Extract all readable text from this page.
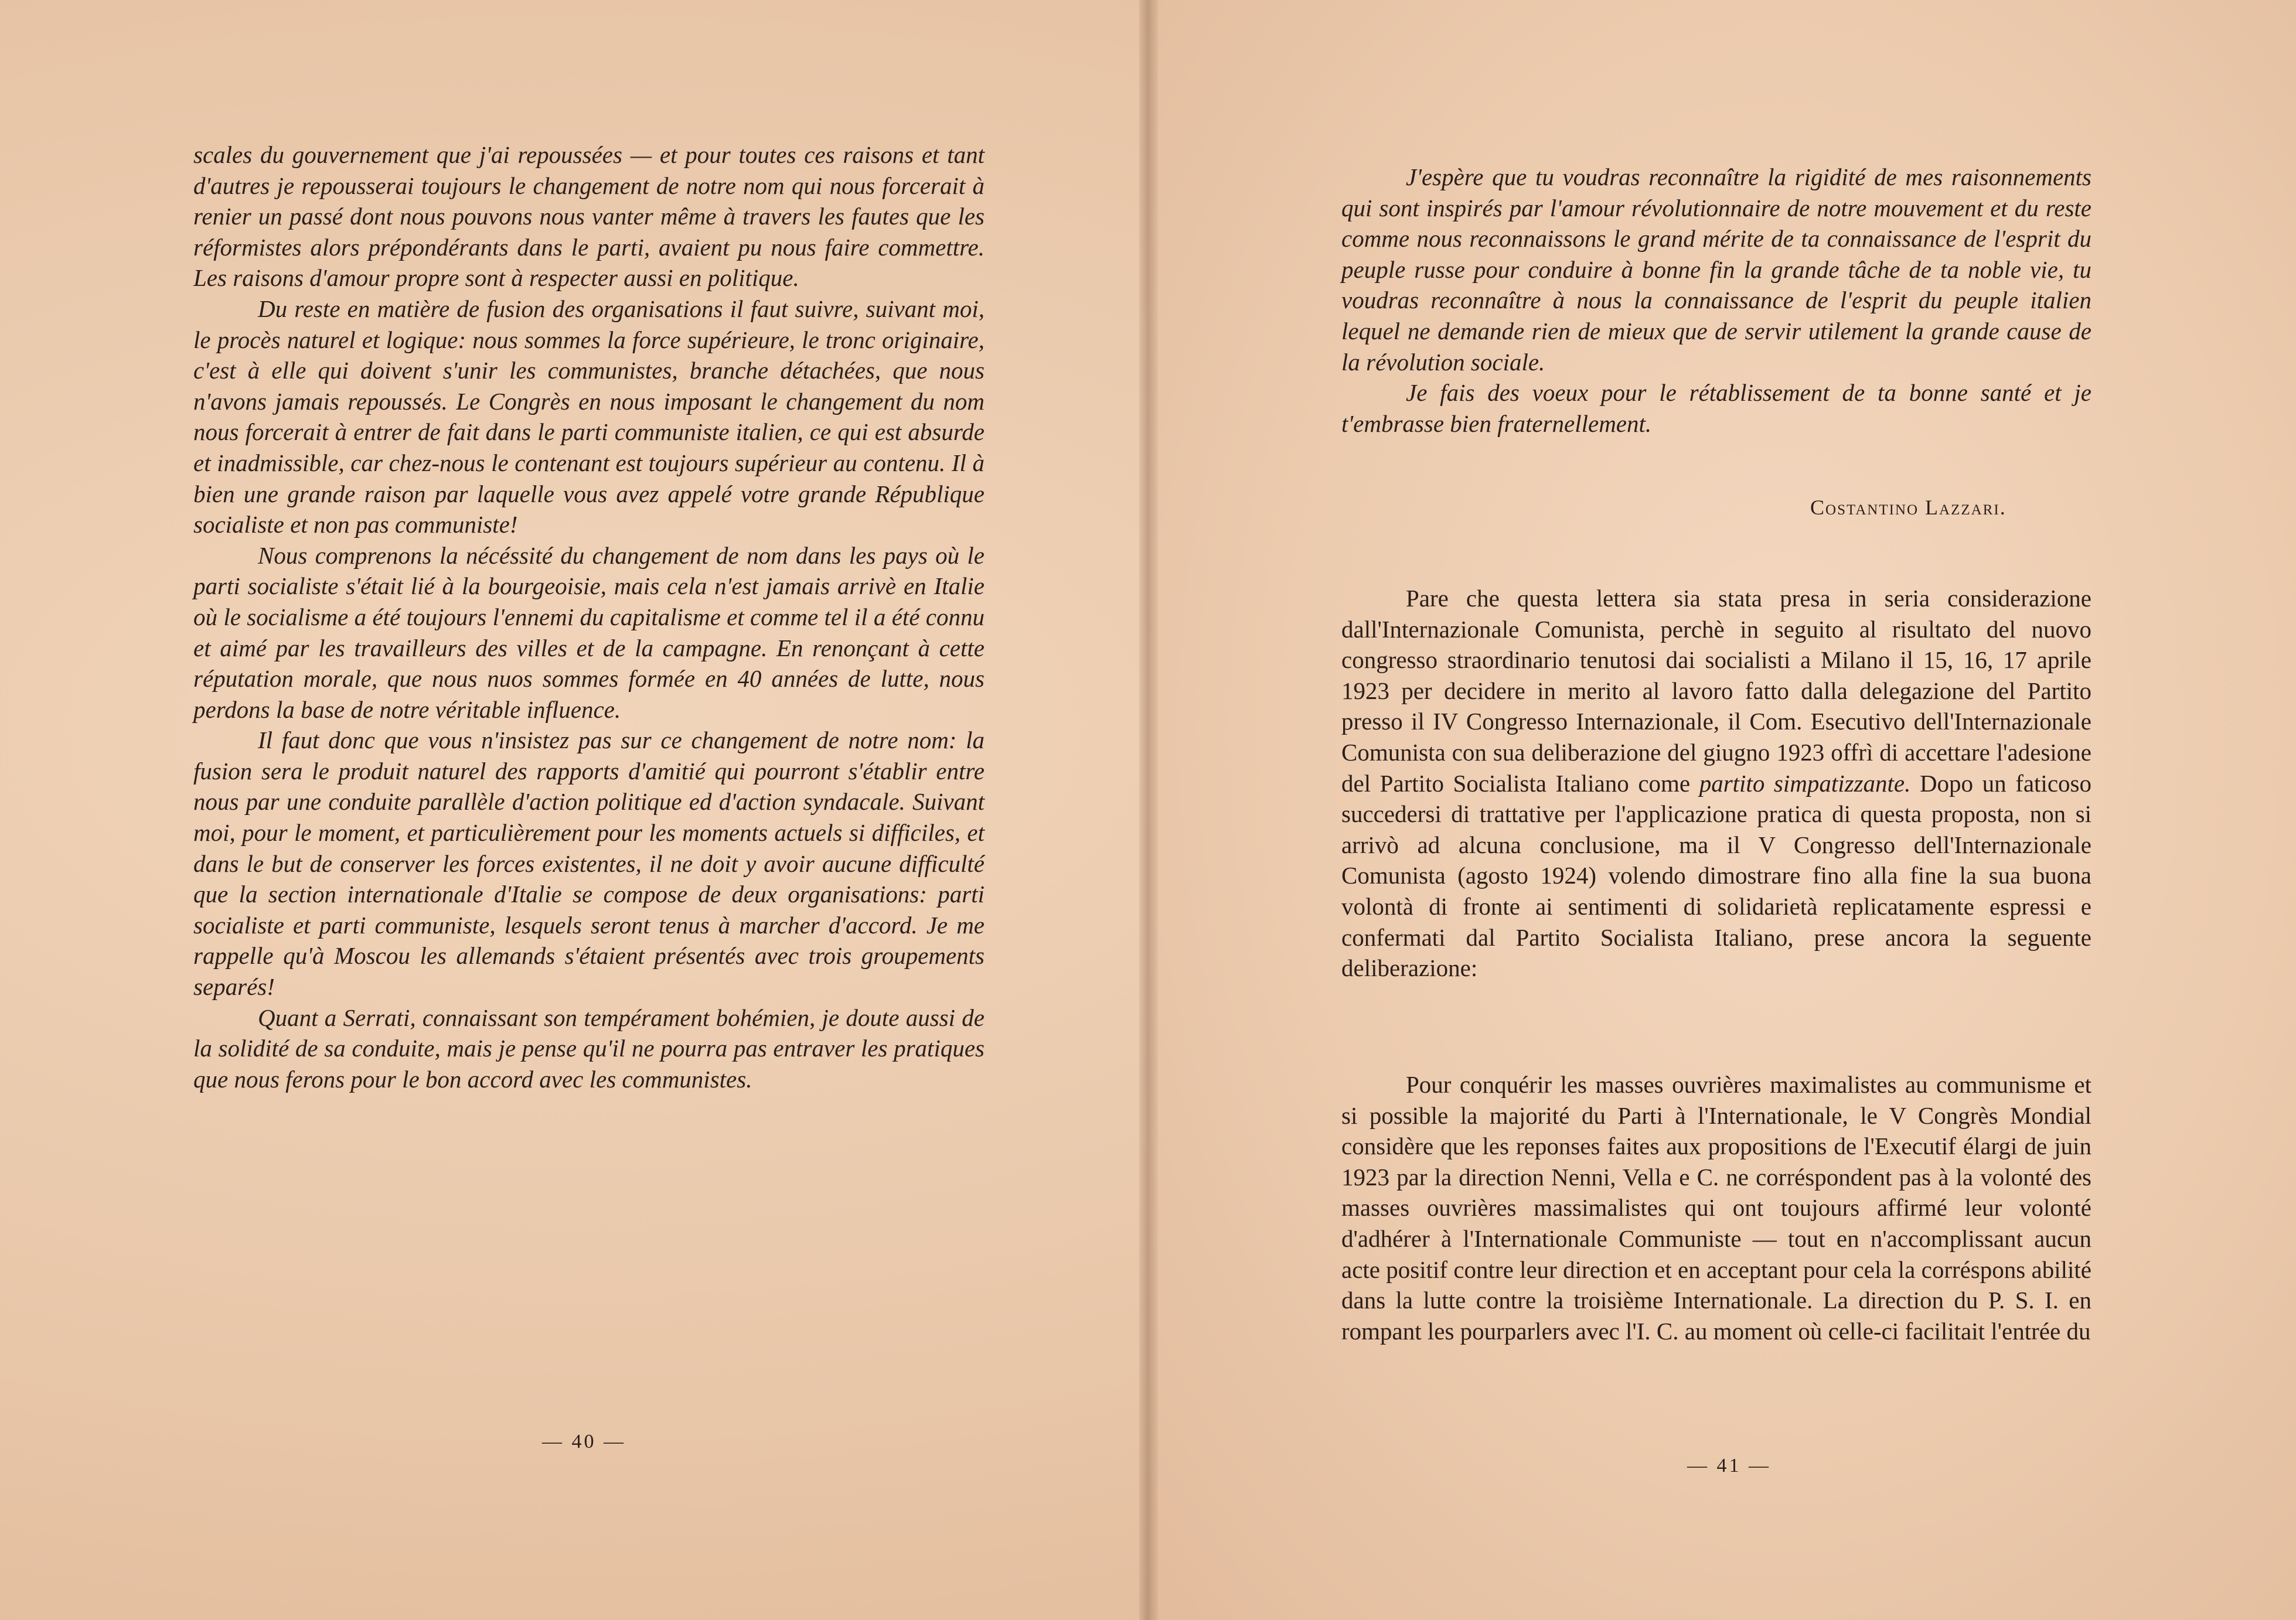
scales du gouvernement que j'ai repoussées — et pour toutes ces raisons et tant d'autres je repousserai toujours le changement de notre nom qui nous forcerait à renier un passé dont nous pouvons nous vanter même à travers les fautes que les réformistes alors prépondérants dans le parti, avaient pu nous faire commettre. Les raisons d'amour propre sont à respecter aussi en politique.

Du reste en matière de fusion des organisations il faut suivre, suivant moi, le procès naturel et logique: nous sommes la force supérieure, le tronc originaire, c'est à elle qui doivent s'unir les communistes, branche détachées, que nous n'avons jamais repoussés. Le Congrès en nous imposant le changement du nom nous forcerait à entrer de fait dans le parti communiste italien, ce qui est absurde et inadmissible, car chez-nous le contenant est toujours supérieur au contenu. Il à bien une grande raison par laquelle vous avez appelé votre grande République socialiste et non pas communiste!

Nous comprenons la nécéssité du changement de nom dans les pays où le parti socialiste s'était lié à la bourgeoisie, mais cela n'est jamais arrivè en Italie où le socialisme a été toujours l'ennemi du capitalisme et comme tel il a été connu et aimé par les travailleurs des villes et de la campagne. En renonçant à cette réputation morale, que nous nuos sommes formée en 40 années de lutte, nous perdons la base de notre véritable influence.

Il faut donc que vous n'insistez pas sur ce changement de notre nom: la fusion sera le produit naturel des rapports d'amitié qui pourront s'établir entre nous par une conduite parallèle d'action politique ed d'action syndacale. Suivant moi, pour le moment, et particulièrement pour les moments actuels si difficiles, et dans le but de conserver les forces existentes, il ne doit y avoir aucune difficulté que la section internationale d'Italie se compose de deux organisations: parti socialiste et parti communiste, lesquels seront tenus à marcher d'accord. Je me rappelle qu'à Moscou les allemands s'étaient présentés avec trois groupements separés!

Quant a Serrati, connaissant son tempérament bohémien, je doute aussi de la solidité de sa conduite, mais je pense qu'il ne pourra pas entraver les pratiques que nous ferons pour le bon accord avec les communistes.

— 40 —

J'espère que tu voudras reconnaître la rigidité de mes raisonnements qui sont inspirés par l'amour révolutionnaire de notre mouvement et du reste comme nous reconnaissons le grand mérite de ta connaissance de l'esprit du peuple russe pour conduire à bonne fin la grande tâche de ta noble vie, tu voudras reconnaître à nous la connaissance de l'esprit du peuple italien lequel ne demande rien de mieux que de servir utilement la grande cause de la révolution sociale.

Je fais des voeux pour le rétablissement de ta bonne santé et je t'embrasse bien fraternellement.

Costantino Lazzari.

Pare che questa lettera sia stata presa in seria considerazione dall'Internazionale Comunista, perchè in seguito al risultato del nuovo congresso straordinario tenutosi dai socialisti a Milano il 15, 16, 17 aprile 1923 per decidere in merito al lavoro fatto dalla delegazione del Partito presso il IV Congresso Internazionale, il Com. Esecutivo dell'Internazionale Comunista con sua deliberazione del giugno 1923 offrì di accettare l'adesione del Partito Socialista Italiano come partito simpatizzante. Dopo un faticoso succedersi di trattative per l'applicazione pratica di questa proposta, non si arrivò ad alcuna conclusione, ma il V Congresso dell'Internazionale Comunista (agosto 1924) volendo dimostrare fino alla fine la sua buona volontà di fronte ai sentimenti di solidarietà replicatamente espressi e confermati dal Partito Socialista Italiano, prese ancora la seguente deliberazione:

Pour conquérir les masses ouvrières maximalistes au communisme et si possible la majorité du Parti à l'Internationale, le V Congrès Mondial considère que les reponses faites aux propositions de l'Executif élargi de juin 1923 par la direction Nenni, Vella e C. ne corréspondent pas à la volonté des masses ouvrières massimalistes qui ont toujours affirmé leur volonté d'adhérer à l'Internationale Communiste — tout en n'accomplissant aucun acte positif contre leur direction et en acceptant pour cela la corréspons abilité dans la lutte contre la troisième Internationale. La direction du P. S. I. en rompant les pourparlers avec l'I. C. au moment où celle-ci facilitait l'entrée du

— 41 —
